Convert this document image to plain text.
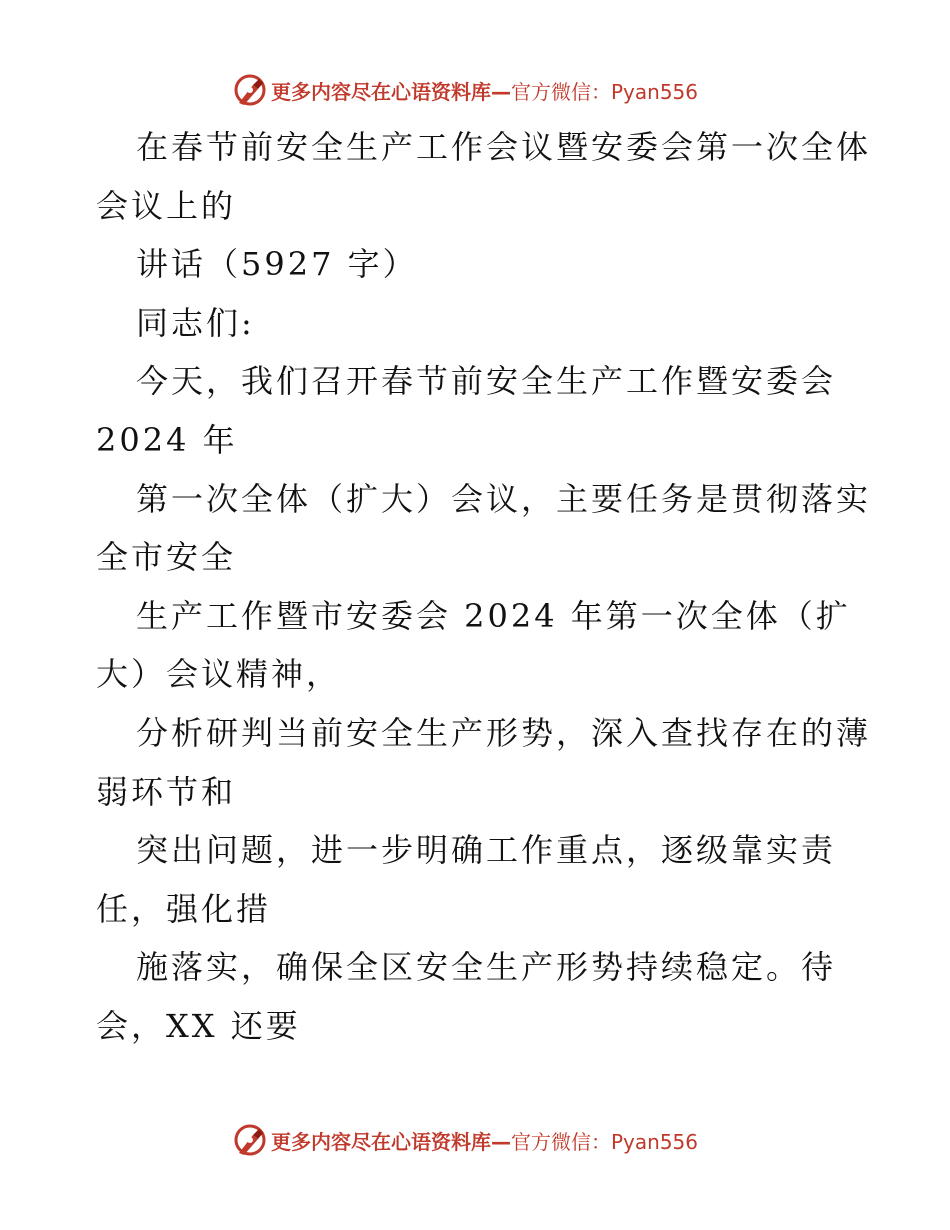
更多内容尽在心语资料库—官方微信：Pyan556
在春节前安全生产工作会议暨安委会第一次全体
会议上的
讲话（5927 字）
同志们:
今天，我们召开春节前安全生产工作暨安委会
2024 年
第一次全体（扩大）会议，主要任务是贯彻落实
全市安全
生产工作暨市安委会 2024 年第一次全体（扩
大）会议精神，
分析研判当前安全生产形势，深入查找存在的薄
弱环节和
突出问题，进一步明确工作重点，逐级靠实责
任，强化措
施落实，确保全区安全生产形势持续稳定。待
会，XX 还要
更多内容尽在心语资料库—官方微信：Pyan556
